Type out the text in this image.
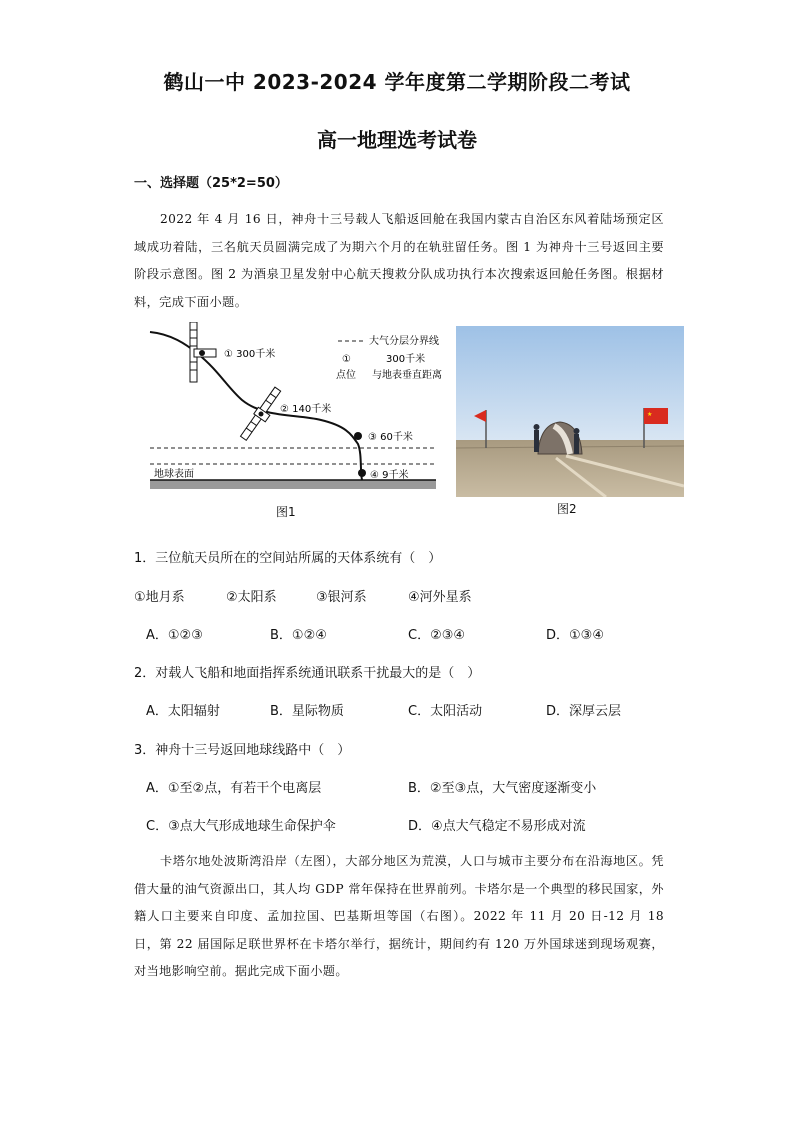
鹤山一中 2023-2024 学年度第二学期阶段二考试
高一地理选考试卷
一、选择题（25*2=50）
2022 年 4 月 16 日，神舟十三号载人飞船返回舱在我国内蒙古自治区东风着陆场预定区域成功着陆，三名航天员圆满完成了为期六个月的在轨驻留任务。图 1 为神舟十三号返回主要阶段示意图。图 2 为酒泉卫星发射中心航天搜救分队成功执行本次搜索返回舱任务图。根据材料，完成下面小题。
① 300千米
② 140千米
③ 60千米
④ 9千米
地球表面
大气分层分界线
①	300千米
点位 与地表垂直距离
图1
★
图2
1．三位航天员所在的空间站所属的天体系统有（　）
①地月系	②太阳系	③银河系	④河外星系
A．①②③	B．①②④	C．②③④	D．①③④
2．对载人飞船和地面指挥系统通讯联系干扰最大的是（　）
A．太阳辐射	B．星际物质	C．太阳活动	D．深厚云层
3．神舟十三号返回地球线路中（　）
A．①至②点，有若干个电离层	B．②至③点，大气密度逐渐变小
C．③点大气形成地球生命保护伞	D．④点大气稳定不易形成对流
卡塔尔地处波斯湾沿岸（左图），大部分地区为荒漠，人口与城市主要分布在沿海地区。凭借大量的油气资源出口，其人均 GDP 常年保持在世界前列。卡塔尔是一个典型的移民国家，外籍人口主要来自印度、孟加拉国、巴基斯坦等国（右图）。2022 年 11 月 20 日-12 月 18 日，第 22 届国际足联世界杯在卡塔尔举行，据统计，期间约有 120 万外国球迷到现场观赛，对当地影响空前。据此完成下面小题。
